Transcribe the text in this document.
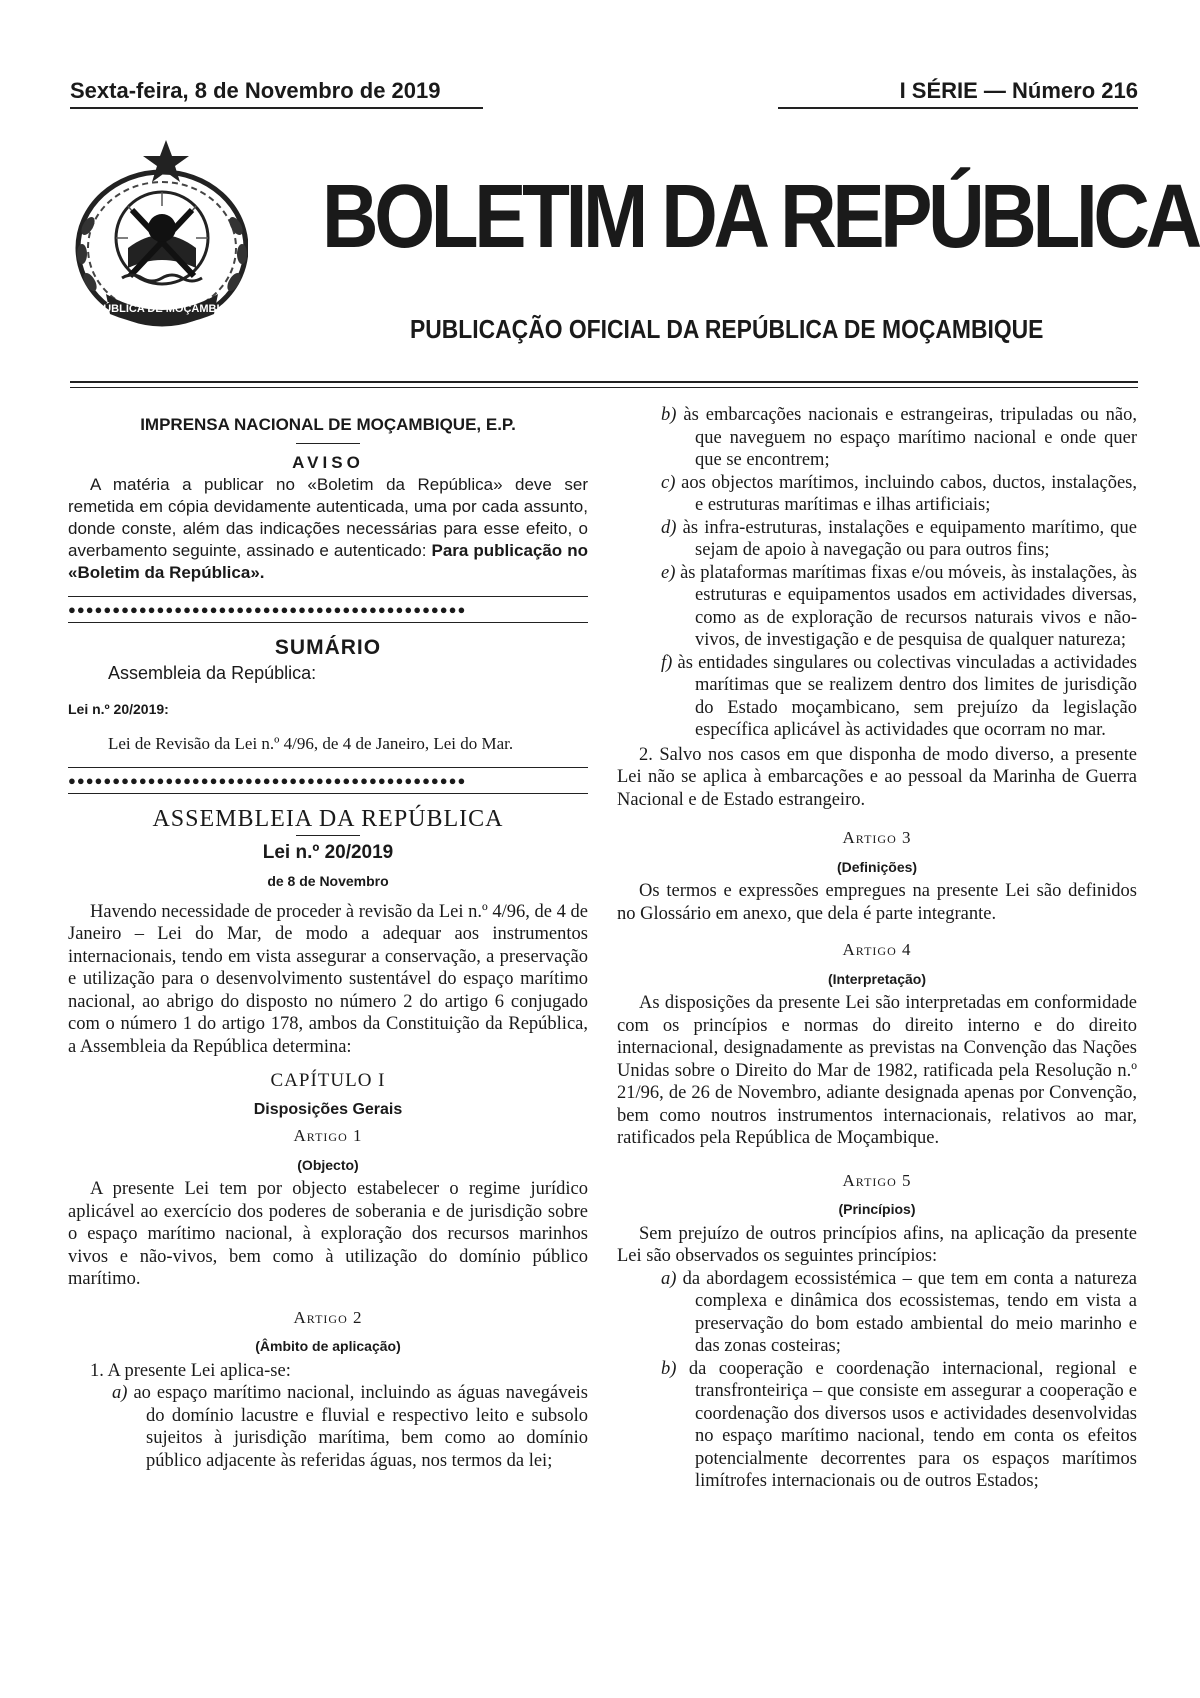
Sexta-feira, 8 de Novembro de 2019	I SÉRIE — Número 216
REPÚBLICA DE MOÇAMBIQUE
BOLETIM DA REPÚBLICA
PUBLICAÇÃO OFICIAL DA REPÚBLICA DE MOÇAMBIQUE

IMPRENSA NACIONAL DE MOÇAMBIQUE, E.P.

AVISO

A matéria a publicar no «Boletim da República» deve ser remetida em cópia devidamente autenticada, uma por cada assunto, donde conste, além das indicações necessárias para esse efeito, o averbamento seguinte, assinado e autenticado: Para publicação no «Boletim da República».

●●●●●●●●●●●●●●●●●●●●●●●●●●●●●●●●●●●●●●●●●●●●●

SUMÁRIO

Assembleia da República:

Lei n.º 20/2019:

Lei de Revisão da Lei n.º 4/96, de 4 de Janeiro, Lei do Mar.

●●●●●●●●●●●●●●●●●●●●●●●●●●●●●●●●●●●●●●●●●●●●●

ASSEMBLEIA DA REPÚBLICA

Lei n.º 20/2019

de 8 de Novembro

Havendo necessidade de proceder à revisão da Lei n.º 4/96, de 4 de Janeiro – Lei do Mar, de modo a adequar aos instrumentos internacionais, tendo em vista assegurar a conservação, a preservação e utilização para o desenvolvimento sustentável do espaço marítimo nacional, ao abrigo do disposto no número 2 do artigo 6 conjugado com o número 1 do artigo 178, ambos da Constituição da República, a Assembleia da República determina:

CAPÍTULO I

Disposições Gerais

Artigo 1

(Objecto)

A presente Lei tem por objecto estabelecer o regime jurídico aplicável ao exercício dos poderes de soberania e de jurisdição sobre o espaço marítimo nacional, à exploração dos recursos marinhos vivos e não-vivos, bem como à utilização do domínio público marítimo.

Artigo 2

(Âmbito de aplicação)

1. A presente Lei aplica-se:

a) ao espaço marítimo nacional, incluindo as águas navegáveis do domínio lacustre e fluvial e respectivo leito e subsolo sujeitos à jurisdição marítima, bem como ao domínio público adjacente às referidas águas, nos termos da lei;

b) às embarcações nacionais e estrangeiras, tripuladas ou não, que naveguem no espaço marítimo nacional e onde quer que se encontrem;

c) aos objectos marítimos, incluindo cabos, ductos, instalações, e estruturas marítimas e ilhas artificiais;

d) às infra-estruturas, instalações e equipamento marítimo, que sejam de apoio à navegação ou para outros fins;

e) às plataformas marítimas fixas e/ou móveis, às instalações, às estruturas e equipamentos usados em actividades diversas, como as de exploração de recursos naturais vivos e não-vivos, de investigação e de pesquisa de qualquer natureza;

f) às entidades singulares ou colectivas vinculadas a actividades marítimas que se realizem dentro dos limites de jurisdição do Estado moçambicano, sem prejuízo da legislação específica aplicável às actividades que ocorram no mar.

2. Salvo nos casos em que disponha de modo diverso, a presente Lei não se aplica à embarcações e ao pessoal da Marinha de Guerra Nacional e de Estado estrangeiro.

Artigo 3

(Definições)

Os termos e expressões empregues na presente Lei são definidos no Glossário em anexo, que dela é parte integrante.

Artigo 4

(Interpretação)

As disposições da presente Lei são interpretadas em conformidade com os princípios e normas do direito interno e do direito internacional, designadamente as previstas na Convenção das Nações Unidas sobre o Direito do Mar de 1982, ratificada pela Resolução n.º 21/96, de 26 de Novembro, adiante designada apenas por Convenção, bem como noutros instrumentos internacionais, relativos ao mar, ratificados pela República de Moçambique.

Artigo 5

(Princípios)

Sem prejuízo de outros princípios afins, na aplicação da presente Lei são observados os seguintes princípios:

a) da abordagem ecossistémica – que tem em conta a natureza complexa e dinâmica dos ecossistemas, tendo em vista a preservação do bom estado ambiental do meio marinho e das zonas costeiras;

b) da cooperação e coordenação internacional, regional e transfronteiriça – que consiste em assegurar a cooperação e coordenação dos diversos usos e actividades desenvolvidas no espaço marítimo nacional, tendo em conta os efeitos potencialmente decorrentes para os espaços marítimos limítrofes internacionais ou de outros Estados;
